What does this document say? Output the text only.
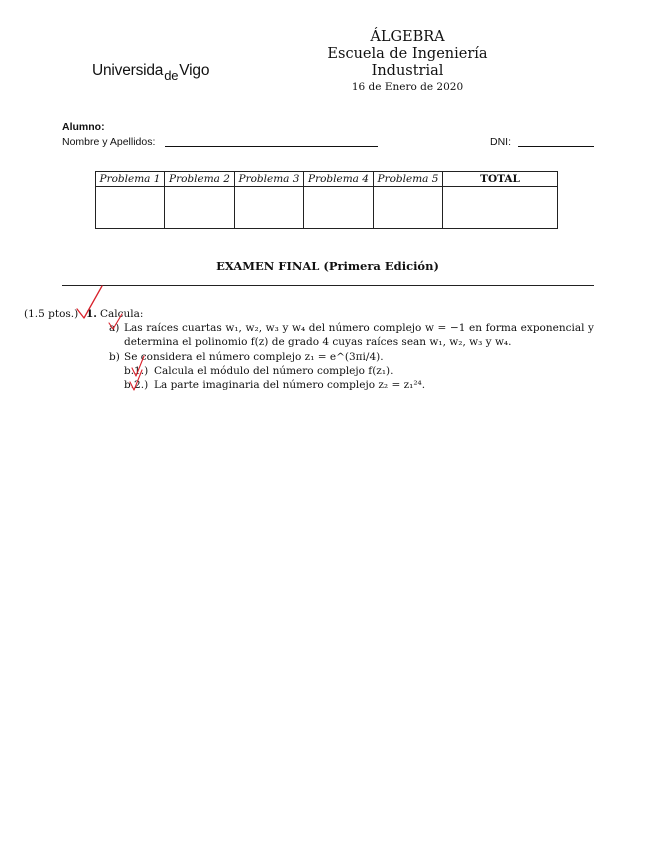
Universida$_{de}$Vigo
ÁLGEBRA
Escuela de Ingeniería Industrial
16 de Enero de 2020
Alumno:
Nombre y Apellidos:	DNI:
Problema 1	Problema 2	Problema 3	Problema 4	Problema 5	TOTAL

EXAMEN FINAL (Primera Edición)
(1.5 ptos.) 1. Calcula:
a) Las raíces cuartas w₁, w₂, w₃ y w₄ del número complejo w = −1 en forma exponencial y determina el polinomio f(z) de grado 4 cuyas raíces sean w₁, w₂, w₃ y w₄.
b) Se considera el número complejo z₁ = e^(3πi/4).
b.1.) Calcula el módulo del número complejo f(z₁).
b.2.) La parte imaginaria del número complejo z₂ = z₁²⁴.
